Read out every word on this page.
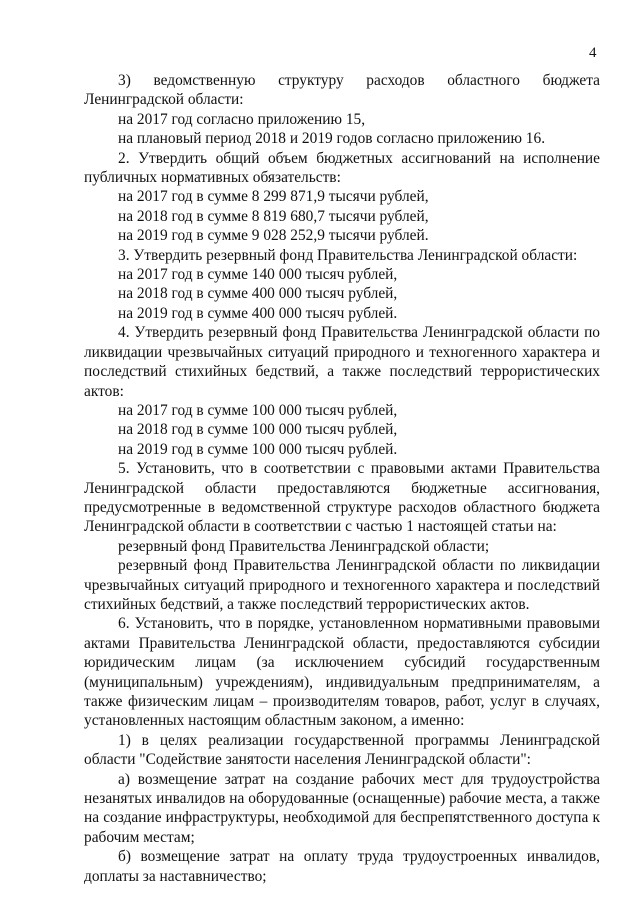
4

3) ведомственную структуру расходов областного бюджета Ленинградской области:

на 2017 год согласно приложению 15,

на плановый период 2018 и 2019 годов согласно приложению 16.

2. Утвердить общий объем бюджетных ассигнований на исполнение публичных нормативных обязательств:

на 2017 год в сумме 8 299 871,9 тысячи рублей,

на 2018 год в сумме 8 819 680,7 тысячи рублей,

на 2019 год в сумме 9 028 252,9 тысячи рублей.

3. Утвердить резервный фонд Правительства Ленинградской области:

на 2017 год в сумме 140 000 тысяч рублей,

на 2018 год в сумме 400 000 тысяч рублей,

на 2019 год в сумме 400 000 тысяч рублей.

4. Утвердить резервный фонд Правительства Ленинградской области по ликвидации чрезвычайных ситуаций природного и техногенного характера и последствий стихийных бедствий, а также последствий террористических актов:

на 2017 год в сумме 100 000 тысяч рублей,

на 2018 год в сумме 100 000 тысяч рублей,

на 2019 год в сумме 100 000 тысяч рублей.

5. Установить, что в соответствии с правовыми актами Правительства Ленинградской области предоставляются бюджетные ассигнования, предусмотренные в ведомственной структуре расходов областного бюджета Ленинградской области в соответствии с частью 1 настоящей статьи на:

резервный фонд Правительства Ленинградской области;

резервный фонд Правительства Ленинградской области по ликвидации чрезвычайных ситуаций природного и техногенного характера и последствий стихийных бедствий, а также последствий террористических актов.

6. Установить, что в порядке, установленном нормативными правовыми актами Правительства Ленинградской области, предоставляются субсидии юридическим лицам (за исключением субсидий государственным (муниципальным) учреждениям), индивидуальным предпринимателям, а также физическим лицам – производителям товаров, работ, услуг в случаях, установленных настоящим областным законом, а именно:

1) в целях реализации государственной программы Ленинградской области "Содействие занятости населения Ленинградской области":

а) возмещение затрат на создание рабочих мест для трудоустройства незанятых инвалидов на оборудованные (оснащенные) рабочие места, а также на создание инфраструктуры, необходимой для беспрепятственного доступа к рабочим местам;

б) возмещение затрат на оплату труда трудоустроенных инвалидов, доплаты за наставничество;
